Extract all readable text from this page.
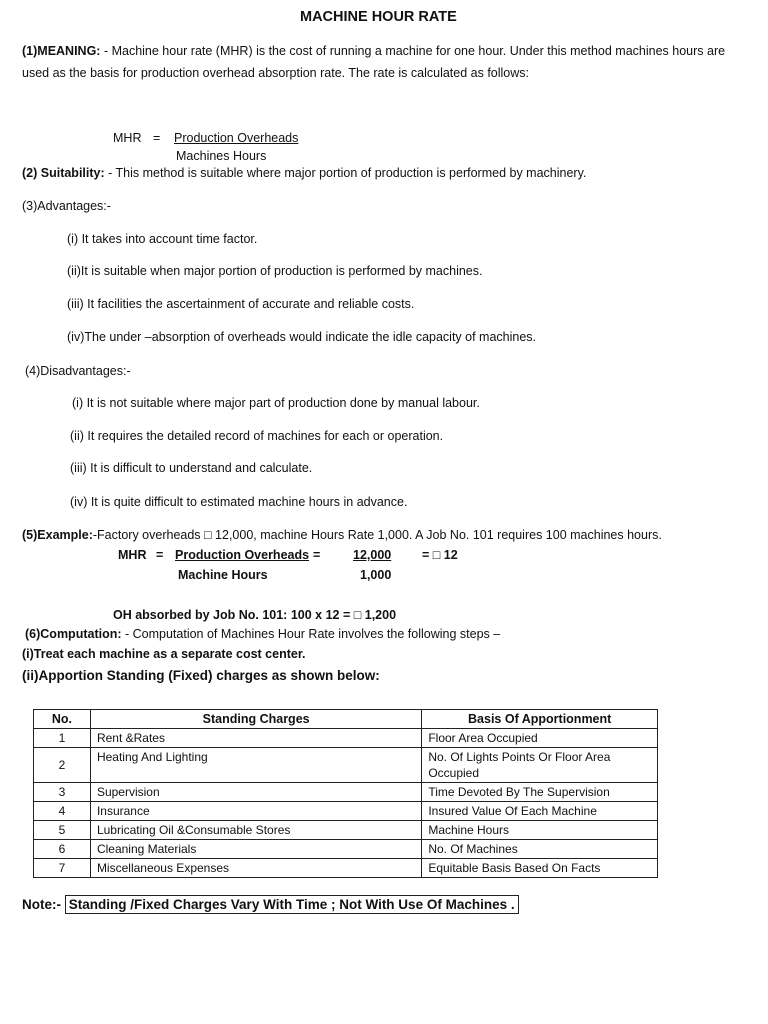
MACHINE HOUR RATE
(1)MEANING: - Machine hour rate (MHR) is the cost of running a machine for one hour. Under this method machines hours are
used as the basis for production overhead absorption rate. The rate is calculated as follows:
MHR = Production Overheads
Machines Hours
(2) Suitability: - This method is suitable where major portion of production is performed by machinery.
(3)Advantages:-
(i) It takes into account time factor.
(ii)It is suitable when major portion of production is performed by machines.
(iii) It facilities the ascertainment of accurate and reliable costs.
(iv)The under –absorption of overheads would indicate the idle capacity of machines.
(4)Disadvantages:-
(i) It is not suitable where major part of production done by manual labour.
(ii) It requires the detailed record of machines for each or operation.
(iii) It is difficult to understand and calculate.
(iv) It is quite difficult to estimated machine hours in advance.
(5)Example:-Factory overheads □ 12,000, machine Hours Rate 1,000. A Job No. 101 requires 100 machines hours.
MHR = Production Overheads =	12,000 = □ 12
Machine Hours	1,000
OH absorbed by Job No. 101: 100 x 12 = □ 1,200
(6)Computation: - Computation of Machines Hour Rate involves the following steps –
(i)Treat each machine as a separate cost center.
(ii)Apportion Standing (Fixed) charges as shown below:
No.	Standing Charges	Basis Of Apportionment
1	Rent &Rates	Floor Area Occupied
2	Heating And Lighting	No. Of Lights Points Or Floor Area Occupied
3	Supervision	Time Devoted By The Supervision
4	Insurance	Insured Value Of Each Machine
5	Lubricating Oil &Consumable Stores	Machine Hours
6	Cleaning Materials	No. Of Machines
7	Miscellaneous Expenses	Equitable Basis Based On Facts
Note:- Standing /Fixed Charges Vary With Time ; Not With Use Of Machines .
